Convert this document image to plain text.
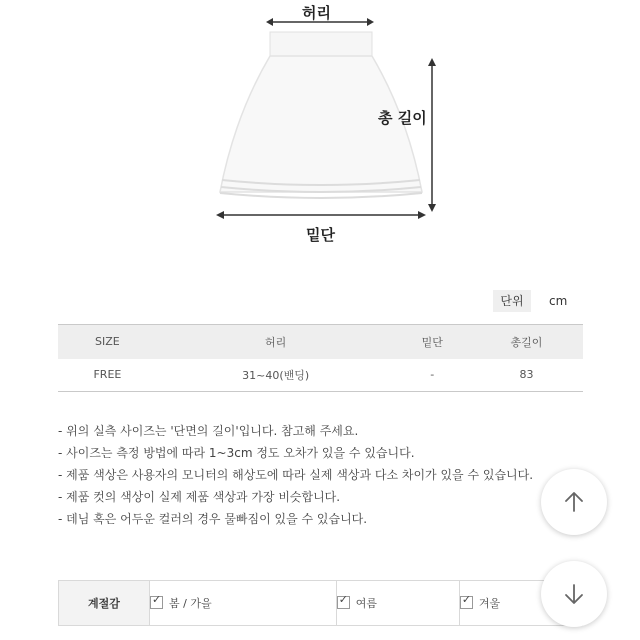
허리
총 길이
밑단
단위	cm
SIZE	허리	밑단	총길이
FREE	31~40(밴딩)	-	83
- 위의 실측 사이즈는 '단면의 길이'입니다. 참고해 주세요.
- 사이즈는 측정 방법에 따라 1~3cm 정도 오차가 있을 수 있습니다.
- 제품 색상은 사용자의 모니터의 해상도에 따라 실제 색상과 다소 차이가 있을 수 있습니다.
- 제품 컷의 색상이 실제 제품 색상과 가장 비슷합니다.
- 데님 혹은 어두운 컬러의 경우 물빠짐이 있을 수 있습니다.
계절감	✓봄 / 가을	✓여름	✓겨울
